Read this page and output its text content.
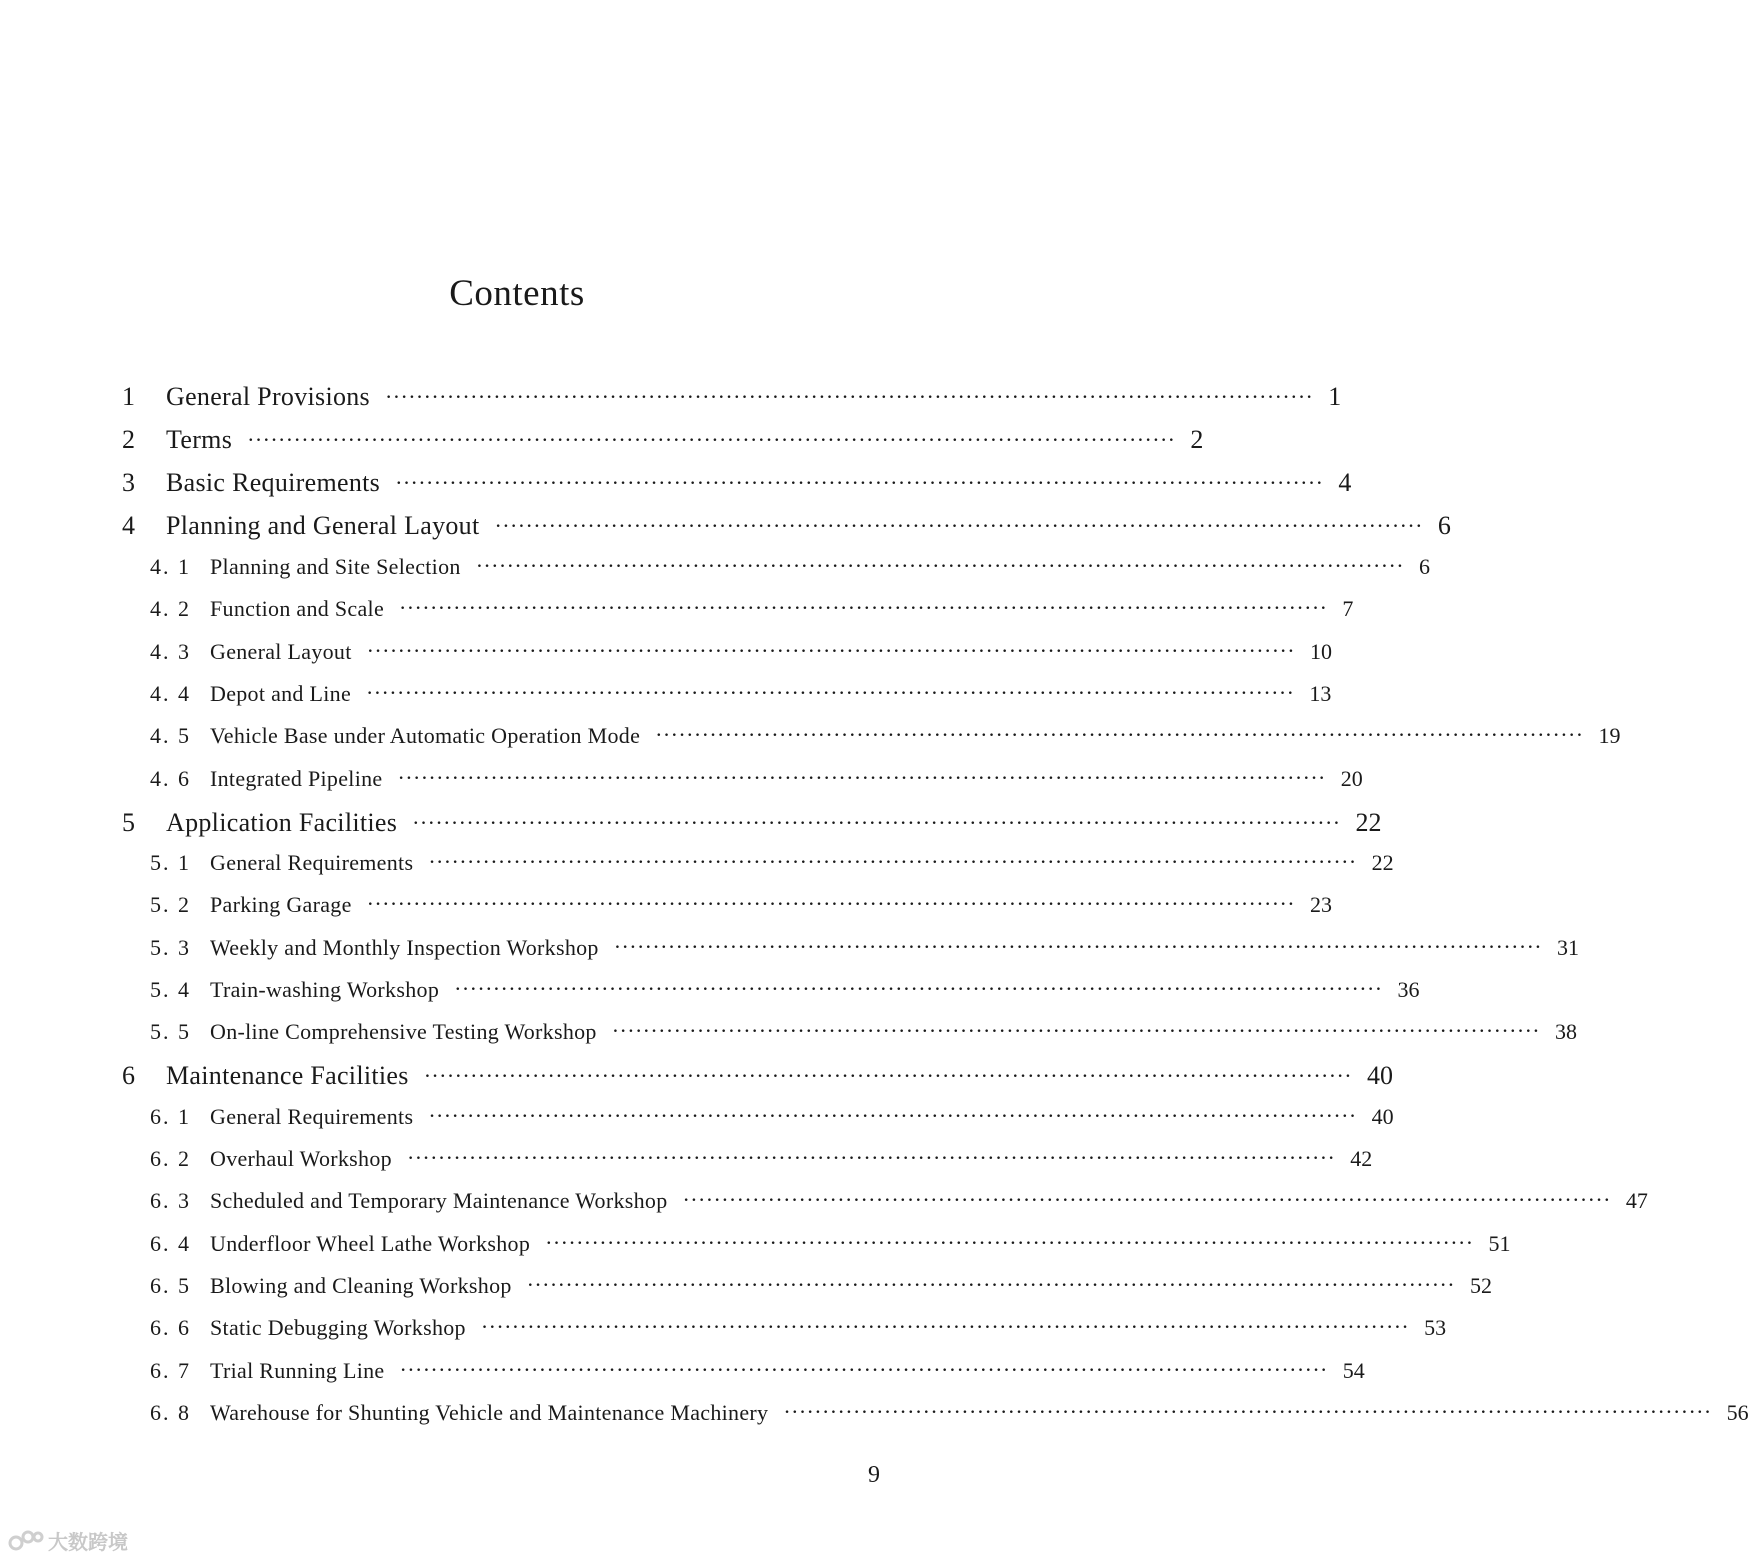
Contents
1	General Provisions ························································································································ 1
2	Terms ························································································································ 2
3	Basic Requirements ························································································································ 4
4	Planning and General Layout ························································································································ 6
4. 1 Planning and Site Selection ························································································································ 6
4. 2 Function and Scale ························································································································ 7
4. 3 General Layout ························································································································ 10
4. 4 Depot and Line ························································································································ 13
4. 5 Vehicle Base under Automatic Operation Mode ························································································································ 19
4. 6 Integrated Pipeline ························································································································ 20
5	Application Facilities ························································································································ 22
5. 1 General Requirements ························································································································ 22
5. 2 Parking Garage ························································································································ 23
5. 3 Weekly and Monthly Inspection Workshop ························································································································ 31
5. 4 Train-washing Workshop ························································································································ 36
5. 5 On-line Comprehensive Testing Workshop ························································································································ 38
6	Maintenance Facilities ························································································································ 40
6. 1 General Requirements ························································································································ 40
6. 2 Overhaul Workshop ························································································································ 42
6. 3 Scheduled and Temporary Maintenance Workshop ························································································································ 47
6. 4 Underfloor Wheel Lathe Workshop ························································································································ 51
6. 5 Blowing and Cleaning Workshop ························································································································ 52
6. 6 Static Debugging Workshop ························································································································ 53
6. 7 Trial Running Line ························································································································ 54
6. 8 Warehouse for Shunting Vehicle and Maintenance Machinery ························································································································ 56
9
大数跨境
